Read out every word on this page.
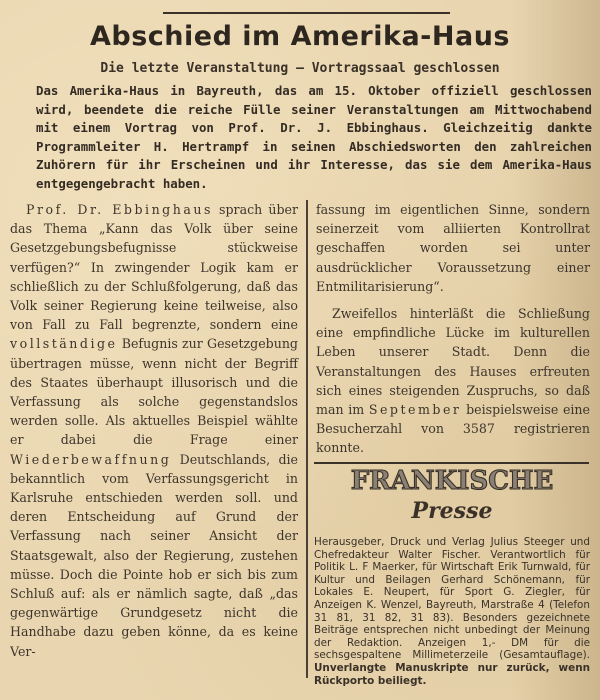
Abschied im Amerika-Haus
Die letzte Veranstaltung — Vortragssaal geschlossen
Das Amerika-Haus in Bayreuth, das am 15. Oktober offiziell geschlossen wird, beendete die reiche Fülle seiner Veranstaltungen am Mittwochabend mit einem Vortrag von Prof. Dr. J. Ebbinghaus. Gleichzeitig dankte Programmleiter H. Hertrampf in seinen Abschiedsworten den zahlreichen Zuhörern für ihr Erscheinen und ihr Interesse, das sie dem Amerika-Haus entgegengebracht haben.

Prof. Dr. Ebbinghaus sprach über das Thema „Kann das Volk über seine Gesetzgebungsbefugnisse stückweise verfügen?“ In zwingender Logik kam er schließlich zu der Schlußfolgerung, daß das Volk seiner Regierung keine teilweise, also von Fall zu Fall begrenzte, sondern eine vollständige Befugnis zur Gesetzgebung übertragen müsse, wenn nicht der Begriff des Staates überhaupt illusorisch und die Verfassung als solche gegenstandslos werden solle. Als aktuelles Beispiel wählte er dabei die Frage einer Wiederbewaffnung Deutschlands, die bekanntlich vom Verfassungsgericht in Karlsruhe entschieden werden soll. und deren Entscheidung auf Grund der Verfassung nach seiner Ansicht der Staatsgewalt, also der Regierung, zustehen müsse. Doch die Pointe hob er sich bis zum Schluß auf: als er nämlich sagte, daß „das gegenwärtige Grundgesetz nicht die Handhabe dazu geben könne, da es keine Ver-

fassung im eigentlichen Sinne, sondern seinerzeit vom alliierten Kontrollrat geschaffen worden sei unter ausdrücklicher Voraussetzung einer Entmilitarisierung“.

Zweifellos hinterläßt die Schließung eine empfindliche Lücke im kulturellen Leben unserer Stadt. Denn die Veranstaltungen des Hauses erfreuten sich eines steigenden Zuspruchs, so daß man im September beispielsweise eine Besucherzahl von 3587 registrieren konnte.

FRANKISCHE
Presse
Herausgeber, Druck und Verlag Julius Steeger und Chefredakteur Walter Fischer. Verantwortlich für Politik L. F Maerker, für Wirtschaft Erik Turnwald, für Kultur und Beilagen Gerhard Schönemann, für Lokales E. Neupert, für Sport G. Ziegler, für Anzeigen K. Wenzel, Bayreuth, Marstraße 4 (Telefon 31 81, 31 82, 31 83). Besonders gezeichnete Beiträge entsprechen nicht unbedingt der Meinung der Redaktion. Anzeigen 1,- DM für die sechsgespaltene Millimeterzeile (Gesamtauflage). Unverlangte Manuskripte nur zurück, wenn Rückporto beiliegt.
